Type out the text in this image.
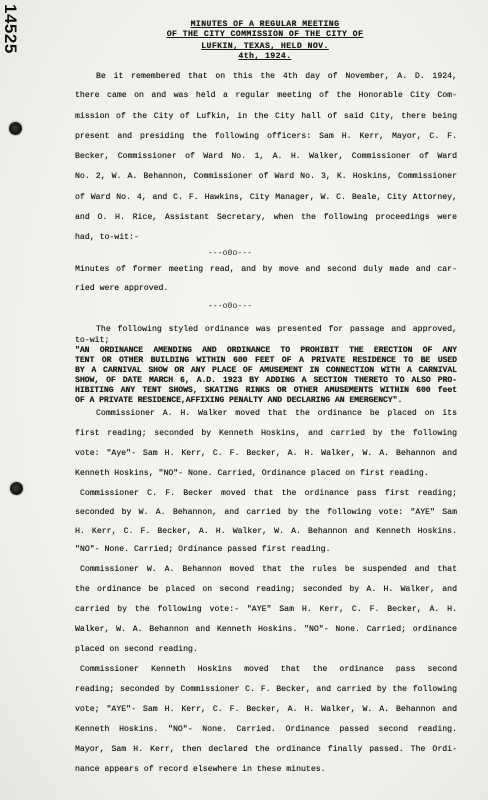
14525	MINUTES OF A REGULAR MEETING
OF THE CITY COMMISSION OF THE CITY OF
LUFKIN, TEXAS, HELD NOV.
4th, 1924.
Be it remembered that on this the 4th day of November, A. D. 1924,
there came on and was held a regular meeting of the Honorable City Com-
mission of the City of Lufkin, in the City hall of said City, there being
present and presiding the following officers: Sam H. Kerr, Mayor, C. F.
Becker, Commissioner of Ward No. 1, A. H. Walker, Commissioner of Ward
No. 2, W. A. Behannon, Commissioner of Ward No. 3, K. Hoskins, Commissioner
of Ward No. 4, and C. F. Hawkins, City Manager, W. C. Beale, City Attorney,
and O. H. Rice, Assistant Secretary, when the following proceedings were
had, to-wit:-
---o0o---
Minutes of former meeting read, and by move and second duly made and car-
ried were approved.
---o0o---
The following styled ordinance was presented for passage and approved,
to-wit;
"AN ORDINANCE AMENDING AND ORDINANCE TO PROHIBIT THE ERECTION OF ANY
TENT OR OTHER BUILDING WITHIN 600 FEET OF A PRIVATE RESIDENCE TO BE USED
BY A CARNIVAL SHOW OR ANY PLACE OF AMUSEMENT IN CONNECTION WITH A CARNIVAL
SHOW, OF DATE MARCH 6, A.D. 1923 BY ADDING A SECTION THERETO TO ALSO PRO-
HIBITING ANY TENT SHOWS, SKATING RINKS OR OTHER AMUSEMENTS WITHIN 600 feet
OF A PRIVATE RESIDENCE,AFFIXING PENALTY AND DECLARING AN EMERGENCY".
Commissioner A. H. Walker moved that the ordinance be placed on its
first reading; seconded by Kenneth Hoskins, and carried by the following
vote: "Aye"- Sam H. Kerr, C. F. Becker, A. H. Walker, W. A. Behannon and
Kenneth Hoskins, "NO"- None. Carried, Ordinance placed on first reading.
Commissioner C. F. Becker moved that the ordinance pass first reading;
seconded by W. A. Behannon, and carried by the following vote: "AYE" Sam
H. Kerr, C. F. Becker, A. H. Walker, W. A. Behannon and Kenneth Hoskins.
"NO"- None. Carried; Ordinance passed first reading.
Commissioner W. A. Behannon moved that the rules be suspended and that
the ordinance be placed on second reading; seconded by A. H. Walker, and
carried by the following vote:- "AYE" Sam H. Kerr, C. F. Becker, A. H.
Walker, W. A. Behannon and Kenneth Hoskins. "NO"- None. Carried; ordinance
placed on second reading.
Commissioner Kenneth Hoskins moved that the ordinance pass second
reading; seconded by Commissioner C. F. Becker, and carried by the following
vote; "AYE"- Sam H. Kerr, C. F. Becker, A. H. Walker, W. A. Behannon and
Kenneth Hoskins. "NO"- None. Carried. Ordinance passed second reading.
Mayor, Sam H. Kerr, then declared the ordinance finally passed. The Ordi-
nance appears of record elsewhere in these minutes.
